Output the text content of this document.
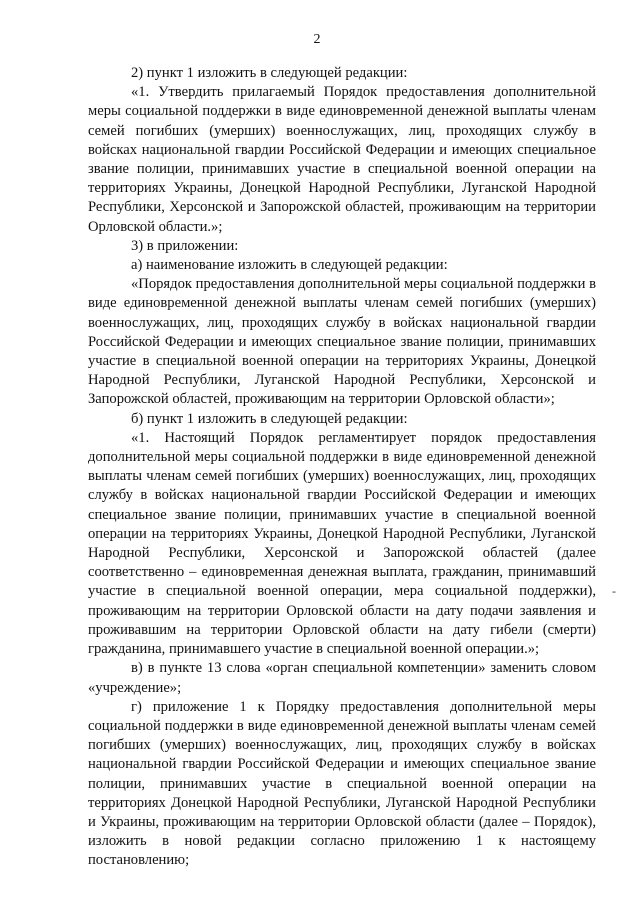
2

2) пункт 1 изложить в следующей редакции:

«1. Утвердить прилагаемый Порядок предоставления дополнительной меры социальной поддержки в виде единовременной денежной выплаты членам семей погибших (умерших) военнослужащих, лиц, проходящих службу в войсках национальной гвардии Российской Федерации и имеющих специальное звание полиции, принимавших участие в специальной военной операции на территориях Украины, Донецкой Народной Республики, Луганской Народной Республики, Херсонской и Запорожской областей, проживающим на территории Орловской области.»;

3) в приложении:

а) наименование изложить в следующей редакции:

«Порядок предоставления дополнительной меры социальной поддержки в виде единовременной денежной выплаты членам семей погибших (умерших) военнослужащих, лиц, проходящих службу в войсках национальной гвардии Российской Федерации и имеющих специальное звание полиции, принимавших участие в специальной военной операции на территориях Украины, Донецкой Народной Республики, Луганской Народной Республики, Херсонской и Запорожской областей, проживающим на территории Орловской области»;

б) пункт 1 изложить в следующей редакции:

«1. Настоящий Порядок регламентирует порядок предоставления дополнительной меры социальной поддержки в виде единовременной денежной выплаты членам семей погибших (умерших) военнослужащих, лиц, проходящих службу в войсках национальной гвардии Российской Федерации и имеющих специальное звание полиции, принимавших участие в специальной военной операции на территориях Украины, Донецкой Народной Республики, Луганской Народной Республики, Херсонской и Запорожской областей (далее соответственно – единовременная денежная выплата, гражданин, принимавший участие в специальной военной операции, мера социальной поддержки), проживающим на территории Орловской области на дату подачи заявления и проживавшим на территории Орловской области на дату гибели (смерти) гражданина, принимавшего участие в специальной военной операции.»;

в) в пункте 13 слова «орган специальной компетенции» заменить словом «учреждение»;

г) приложение 1 к Порядку предоставления дополнительной меры социальной поддержки в виде единовременной денежной выплаты членам семей погибших (умерших) военнослужащих, лиц, проходящих службу в войсках национальной гвардии Российской Федерации и имеющих специальное звание полиции, принимавших участие в специальной военной операции на территориях Донецкой Народной Республики, Луганской Народной Республики и Украины, проживающим на территории Орловской области (далее – Порядок), изложить в новой редакции согласно приложению 1 к настоящему постановлению;

-
